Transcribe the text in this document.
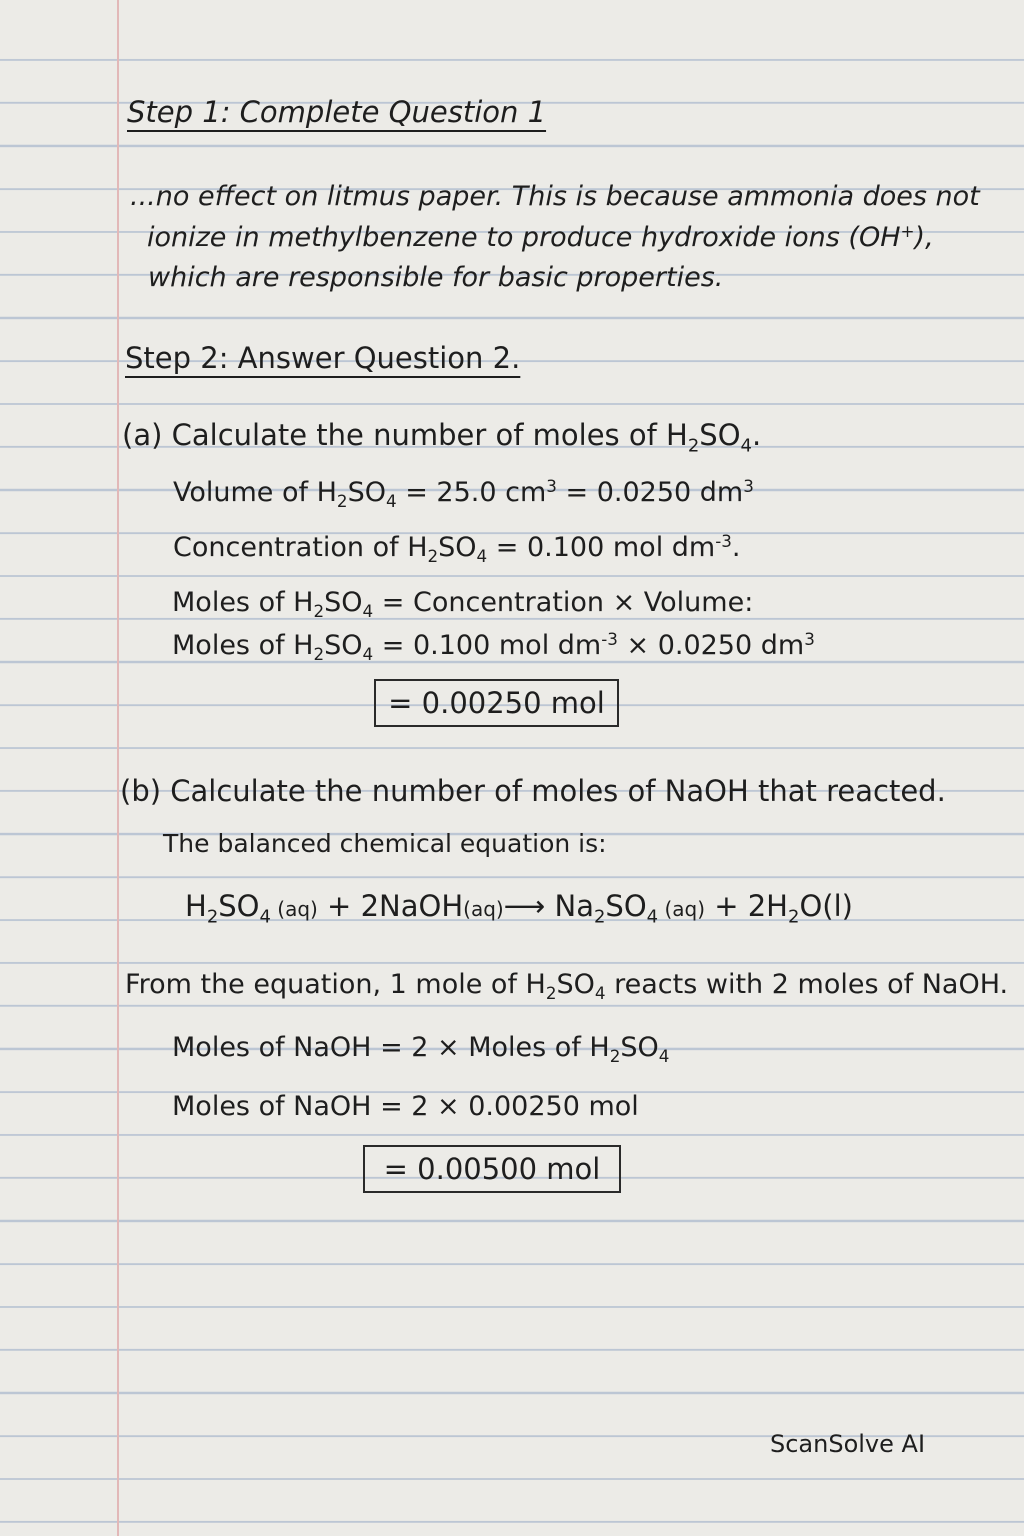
Step 1: Complete Question 1
...no effect on litmus paper. This is because ammonia does not
ionize in methylbenzene to produce hydroxide ions (OH+),
which are responsible for basic properties.
Step 2: Answer Question 2.
(a) Calculate the number of moles of $H_2SO_4$.
Volume of $H_2SO_4 = 25.0$ $cm^3 = 0.0250$ $dm^3$
Concentration of $H_2SO_4 = 0.100$ mol $dm^{-3}$.
Moles of $H_2SO_4$ = Concentration × Volume:
Moles of $H_2SO_4 = 0.100$ mol $dm^{-3} \times 0.0250$ $dm^3$
= 0.00250 mol
(b) Calculate the number of moles of NaOH that reacted.
The balanced chemical equation is:
$H_2SO_4$ (aq) + 2NaOH(aq)⟶ $Na_2SO_4$ $(aq) + 2H_2O(l)$
From the equation, 1 mole of $H_2SO_4$ reacts with 2 moles of NaOH.
Moles of NaOH = 2 × Moles of $H_2SO_4$
Moles of NaOH = 2 × 0.00250 mol
= 0.00500 mol
ScanSolve AI
